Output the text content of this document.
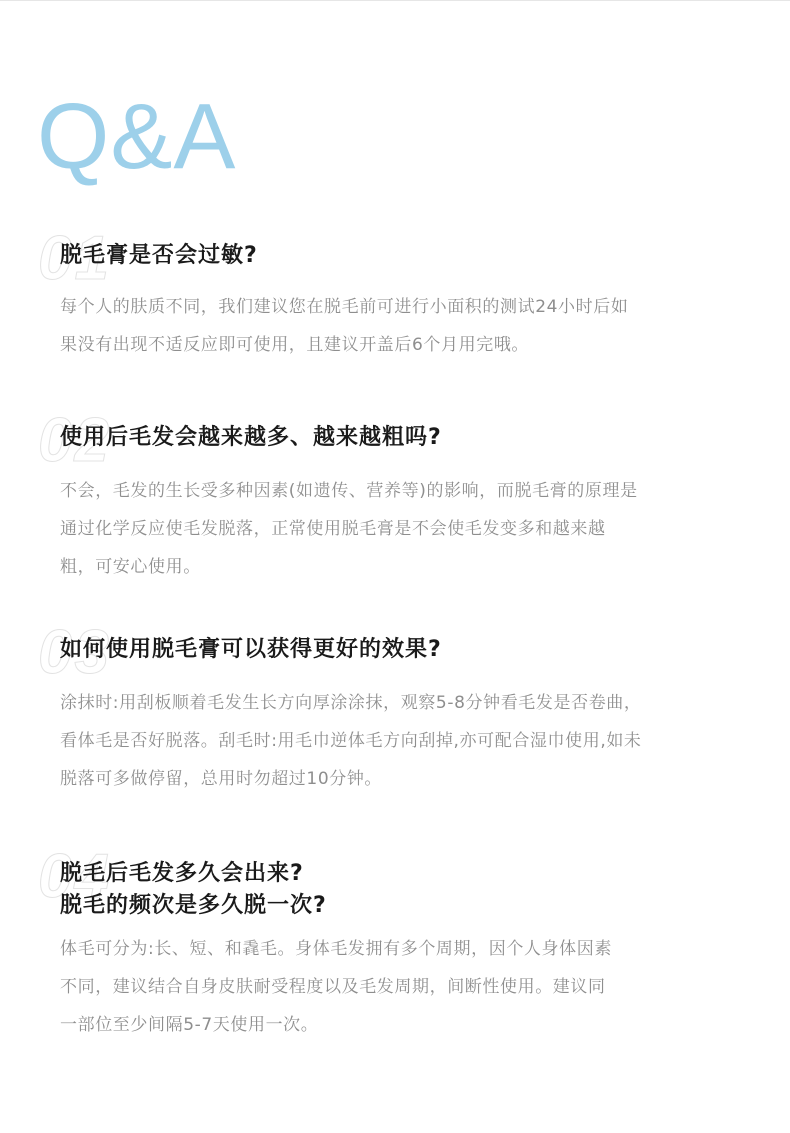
Q&A
01
脱毛膏是否会过敏?

每个人的肤质不同，我们建议您在脱毛前可进行小面积的测试24小时后如
果没有出现不适反应即可使用，且建议开盖后6个月用完哦。

02
使用后毛发会越来越多、越来越粗吗?

不会，毛发的生长受多种因素(如遗传、营养等)的影响，而脱毛膏的原理是
通过化学反应使毛发脱落，正常使用脱毛膏是不会使毛发变多和越来越
粗，可安心使用。

03
如何使用脱毛膏可以获得更好的效果?

涂抹时:用刮板顺着毛发生长方向厚涂涂抹，观察5-8分钟看毛发是否卷曲，
看体毛是否好脱落。刮毛时:用毛巾逆体毛方向刮掉,亦可配合湿巾使用,如未
脱落可多做停留，总用时勿超过10分钟。

04
脱毛后毛发多久会出来?
脱毛的频次是多久脱一次?

体毛可分为:长、短、和毳毛。身体毛发拥有多个周期，因个人身体因素
不同，建议结合自身皮肤耐受程度以及毛发周期，间断性使用。建议同
一部位至少间隔5-7天使用一次。
